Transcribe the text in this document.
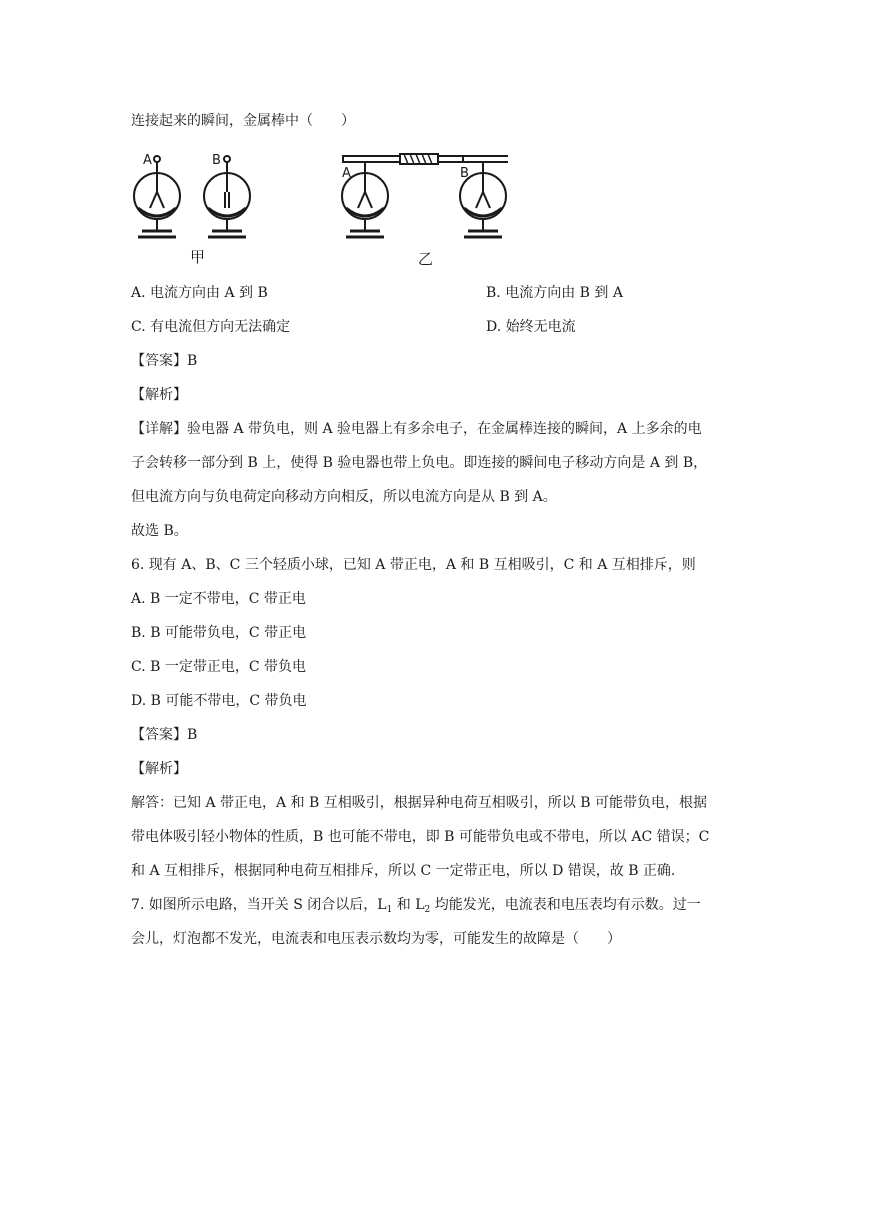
连接起来的瞬间，金属棒中（　　）
A	B
A	B
甲	乙
A. 电流方向由 A 到 B	B. 电流方向由 B 到 A
C. 有电流但方向无法确定	D. 始终无电流
【答案】B
【解析】
【详解】验电器 A 带负电，则 A 验电器上有多余电子，在金属棒连接的瞬间，A 上多余的电
子会转移一部分到 B 上，使得 B 验电器也带上负电。即连接的瞬间电子移动方向是 A 到 B，
但电流方向与负电荷定向移动方向相反，所以电流方向是从 B 到 A。
故选 B。
6. 现有 A、B、C 三个轻质小球，已知 A 带正电，A 和 B 互相吸引，C 和 A 互相排斥，则
A. B 一定不带电，C 带正电
B. B 可能带负电，C 带正电
C. B 一定带正电，C 带负电
D. B 可能不带电，C 带负电
【答案】B
【解析】
解答：已知 A 带正电，A 和 B 互相吸引，根据异种电荷互相吸引，所以 B 可能带负电，根据
带电体吸引轻小物体的性质，B 也可能不带电，即 B 可能带负电或不带电，所以 AC 错误；C
和 A 互相排斥，根据同种电荷互相排斥，所以 C 一定带正电，所以 D 错误，故 B 正确.
7. 如图所示电路，当开关 S 闭合以后，$L_1$ 和 $L_2$ 均能发光，电流表和电压表均有示数。过一
会儿，灯泡都不发光，电流表和电压表示数均为零，可能发生的故障是（　　）
